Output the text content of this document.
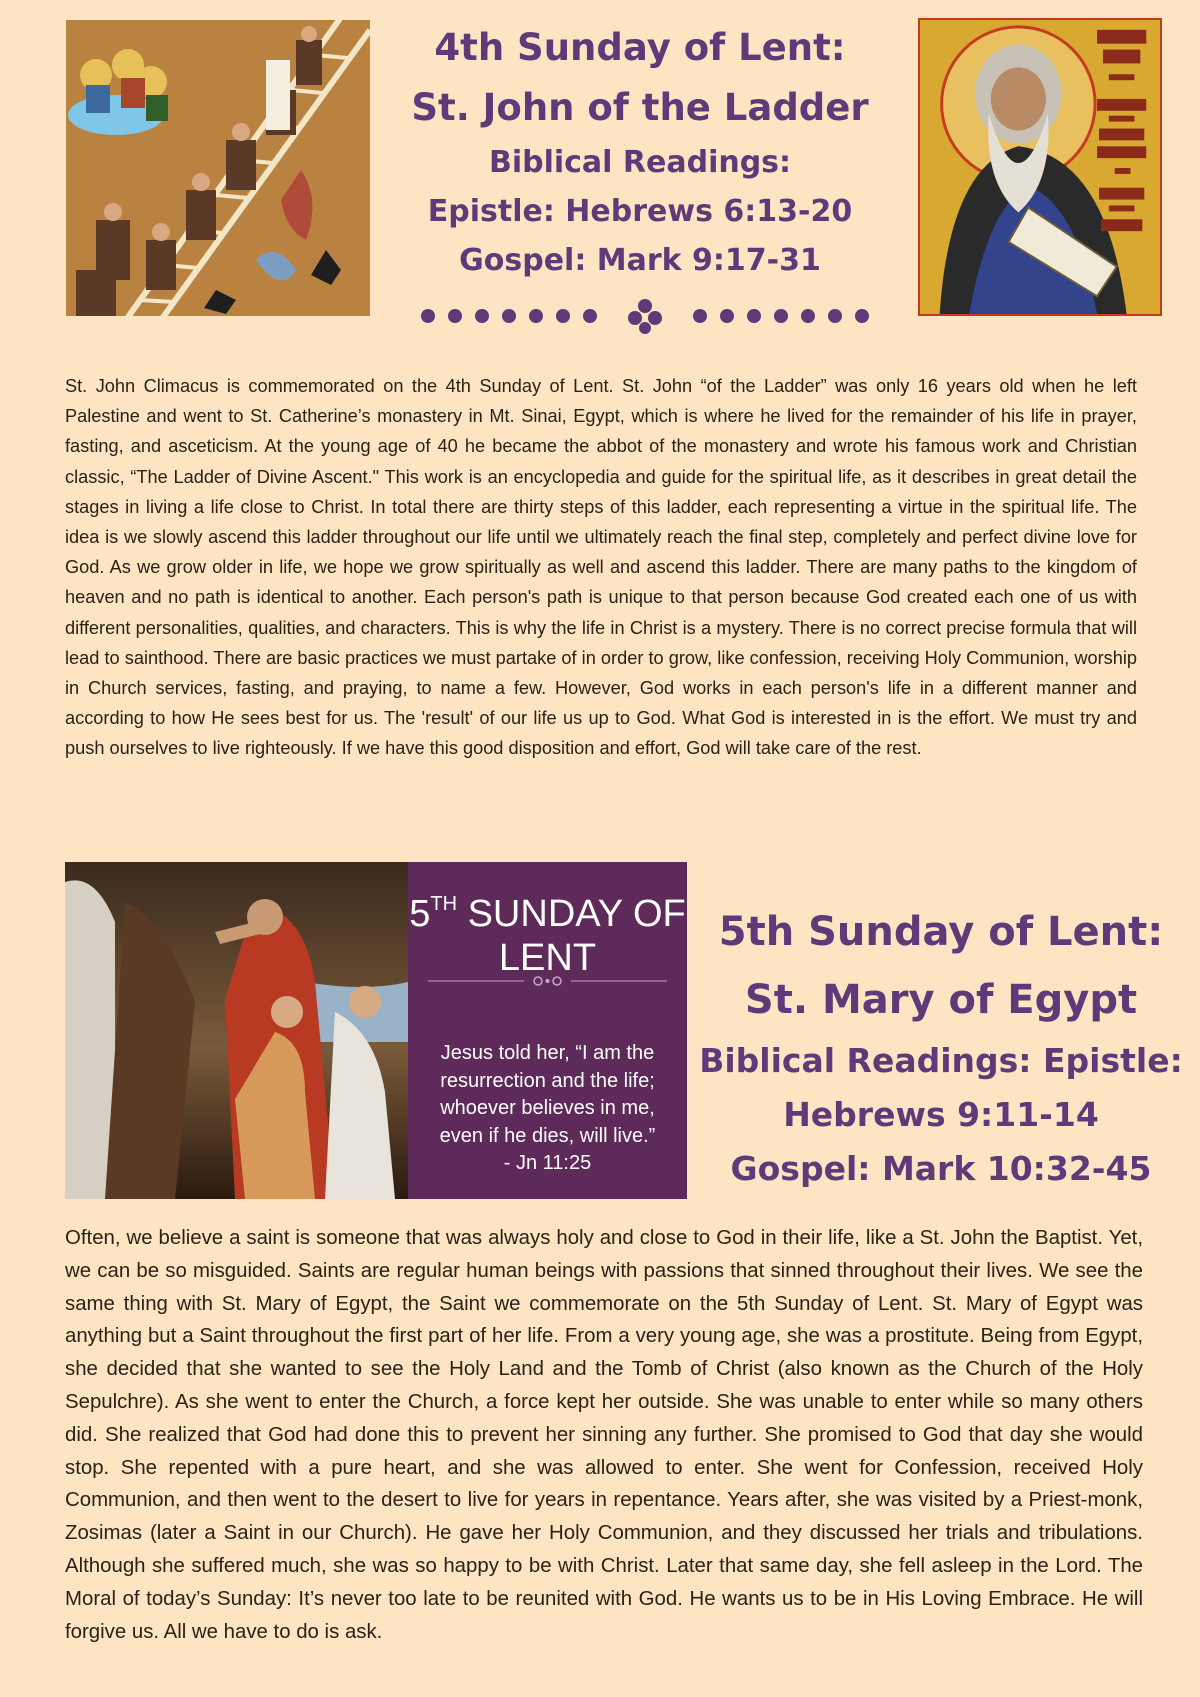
4th Sunday of Lent:
St. John of the Ladder
Biblical Readings:
Epistle: Hebrews 6:13-20
Gospel: Mark 9:17-31
St. John Climacus is commemorated on the 4th Sunday of Lent. St. John “of the Ladder” was only 16 years old when he left Palestine and went to St. Catherine’s monastery in Mt. Sinai, Egypt, which is where he lived for the remainder of his life in prayer, fasting, and asceticism. At the young age of 40 he became the abbot of the monastery and wrote his famous work and Christian classic, “The Ladder of Divine Ascent." This work is an encyclopedia and guide for the spiritual life, as it describes in great detail the stages in living a life close to Christ. In total there are thirty steps of this ladder, each representing a virtue in the spiritual life. The idea is we slowly ascend this ladder throughout our life until we ultimately reach the final step, completely and perfect divine love for God. As we grow older in life, we hope we grow spiritually as well and ascend this ladder. There are many paths to the kingdom of heaven and no path is identical to another. Each person's path is unique to that person because God created each one of us with different personalities, qualities, and characters. This is why the life in Christ is a mystery. There is no correct precise formula that will lead to sainthood. There are basic practices we must partake of in order to grow, like confession, receiving Holy Communion, worship in Church services, fasting, and praying, to name a few. However, God works in each person's life in a different manner and according to how He sees best for us. The 'result' of our life us up to God. What God is interested in is the effort. We must try and push ourselves to live righteously. If we have this good disposition and effort, God will take care of the rest.
5TH SUNDAY OF LENT
Jesus told her, “I am the resurrection and the life; whoever believes in me, even if he dies, will live.”
- Jn 11:25
5th Sunday of Lent:
St. Mary of Egypt
Biblical Readings: Epistle:
Hebrews 9:11-14
Gospel: Mark 10:32-45
Often, we believe a saint is someone that was always holy and close to God in their life, like a St. John the Baptist. Yet, we can be so misguided. Saints are regular human beings with passions that sinned throughout their lives. We see the same thing with St. Mary of Egypt, the Saint we commemorate on the 5th Sunday of Lent. St. Mary of Egypt was anything but a Saint throughout the first part of her life. From a very young age, she was a prostitute. Being from Egypt, she decided that she wanted to see the Holy Land and the Tomb of Christ (also known as the Church of the Holy Sepulchre). As she went to enter the Church, a force kept her outside. She was unable to enter while so many others did. She realized that God had done this to prevent her sinning any further. She promised to God that day she would stop. She repented with a pure heart, and she was allowed to enter. She went for Confession, received Holy Communion, and then went to the desert to live for years in repentance. Years after, she was visited by a Priest-monk, Zosimas (later a Saint in our Church). He gave her Holy Communion, and they discussed her trials and tribulations. Although she suffered much, she was so happy to be with Christ. Later that same day, she fell asleep in the Lord. The Moral of today’s Sunday: It’s never too late to be reunited with God. He wants us to be in His Loving Embrace. He will forgive us. All we have to do is ask.
